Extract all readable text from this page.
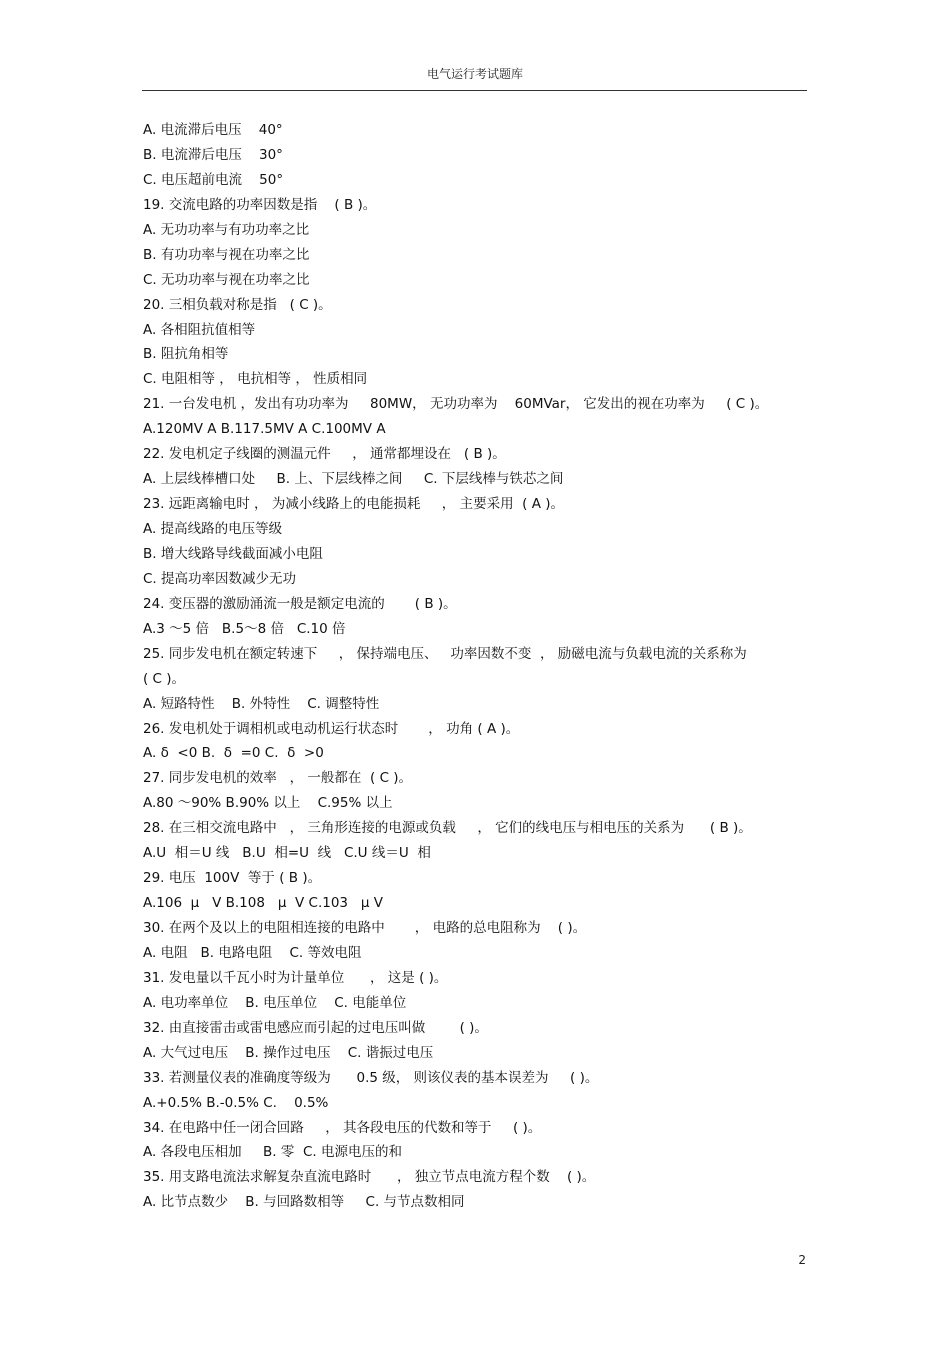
电气运行考试题库
A. 电流滞后电压    40°
B. 电流滞后电压    30°
C. 电压超前电流    50°
19. 交流电路的功率因数是指    ( B )。
A. 无功功率与有功功率之比
B. 有功功率与视在功率之比
C. 无功功率与视在功率之比
20. 三相负载对称是指   ( C )。
A. 各相阻抗值相等
B. 阻抗角相等
C. 电阻相等 ， 电抗相等 ， 性质相同
21. 一台发电机 ，发出有功功率为     80MW， 无功功率为    60MVar， 它发出的视在功率为     ( C )。
A.120MV A B.117.5MV A C.100MV A
22. 发电机定子线圈的测温元件     ， 通常都埋设在   ( B )。
A. 上层线棒槽口处     B. 上、下层线棒之间     C. 下层线棒与铁芯之间
23. 远距离输电时 ， 为减小线路上的电能损耗     ， 主要采用  ( A )。
A. 提高线路的电压等级
B. 增大线路导线截面减小电阻
C. 提高功率因数减少无功
24. 变压器的激励涌流一般是额定电流的       ( B )。
A.3 ～5 倍   B.5～8 倍   C.10 倍
25. 同步发电机在额定转速下     ， 保持端电压、   功率因数不变  ， 励磁电流与负载电流的关系称为
( C )。
A. 短路特性    B. 外特性    C. 调整特性
26. 发电机处于调相机或电动机运行状态时       ， 功角 ( A )。
A. δ  <0 B.  δ  =0 C.  δ  >0
27. 同步发电机的效率   ， 一般都在  ( C )。
A.80 ～90% B.90% 以上    C.95% 以上
28. 在三相交流电路中   ， 三角形连接的电源或负载     ， 它们的线电压与相电压的关系为      ( B )。
A.U  相＝U 线   B.U  相=U  线   C.U 线＝U  相
29. 电压  100V  等于 ( B )。
A.106  μ   V B.108   μ  V C.103   μ V
30. 在两个及以上的电阻相连接的电路中       ， 电路的总电阻称为    ( )。
A. 电阻   B. 电路电阻    C. 等效电阻
31. 发电量以千瓦小时为计量单位      ， 这是 ( )。
A. 电功率单位    B. 电压单位    C. 电能单位
32. 由直接雷击或雷电感应而引起的过电压叫做        ( )。
A. 大气过电压    B. 操作过电压    C. 谐振过电压
33. 若测量仪表的准确度等级为      0.5 级， 则该仪表的基本误差为     ( )。
A.+0.5% B.-0.5% C.    0.5%
34. 在电路中任一闭合回路     ， 其各段电压的代数和等于     ( )。
A. 各段电压相加     B. 零  C. 电源电压的和
35. 用支路电流法求解复杂直流电路时      ， 独立节点电流方程个数    ( )。
A. 比节点数少    B. 与回路数相等     C. 与节点数相同
2
